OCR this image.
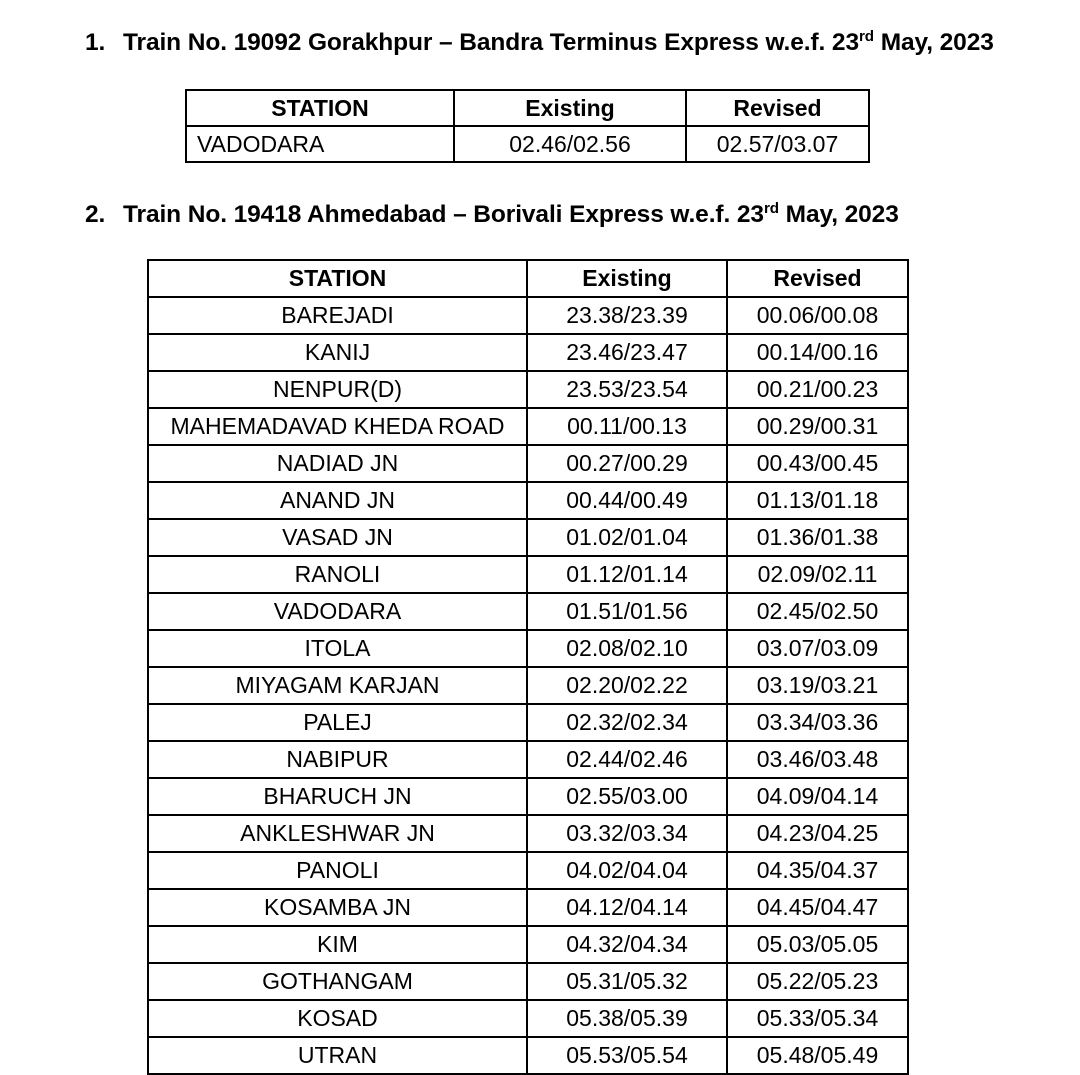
1. Train No. 19092 Gorakhpur – Bandra Terminus Express w.e.f. 23rd May, 2023
STATION	Existing	Revised
VADODARA	02.46/02.56	02.57/03.07
2. Train No. 19418 Ahmedabad – Borivali Express w.e.f. 23rd May, 2023
STATION	Existing	Revised
BAREJADI	23.38/23.39	00.06/00.08
KANIJ	23.46/23.47	00.14/00.16
NENPUR(D)	23.53/23.54	00.21/00.23
MAHEMADAVAD KHEDA ROAD	00.11/00.13	00.29/00.31
NADIAD JN	00.27/00.29	00.43/00.45
ANAND JN	00.44/00.49	01.13/01.18
VASAD JN	01.02/01.04	01.36/01.38
RANOLI	01.12/01.14	02.09/02.11
VADODARA	01.51/01.56	02.45/02.50
ITOLA	02.08/02.10	03.07/03.09
MIYAGAM KARJAN	02.20/02.22	03.19/03.21
PALEJ	02.32/02.34	03.34/03.36
NABIPUR	02.44/02.46	03.46/03.48
BHARUCH JN	02.55/03.00	04.09/04.14
ANKLESHWAR JN	03.32/03.34	04.23/04.25
PANOLI	04.02/04.04	04.35/04.37
KOSAMBA JN	04.12/04.14	04.45/04.47
KIM	04.32/04.34	05.03/05.05
GOTHANGAM	05.31/05.32	05.22/05.23
KOSAD	05.38/05.39	05.33/05.34
UTRAN	05.53/05.54	05.48/05.49
